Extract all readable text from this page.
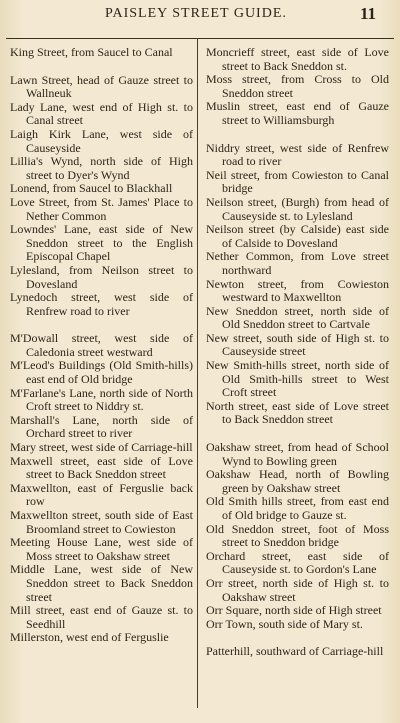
PAISLEY STREET GUIDE.	11

King Street, from Saucel to Canal

Lawn Street, head of Gauze street to Wallneuk

Lady Lane, west end of High st. to Canal street

Laigh Kirk Lane, west side of Causeyside

Lillia's Wynd, north side of High street to Dyer's Wynd

Lonend, from Saucel to Blackhall

Love Street, from St. James' Place to Nether Common

Lowndes' Lane, east side of New Sneddon street to the English Episcopal Chapel

Lylesland, from Neilson street to Dovesland

Lynedoch street, west side of Renfrew road to river

M'Dowall street, west side of Caledonia street westward

M'Leod's Buildings (Old Smith-hills) east end of Old bridge

M'Farlane's Lane, north side of North Croft street to Niddry st.

Marshall's Lane, north side of Orchard street to river

Mary street, west side of Carriage-hill

Maxwell street, east side of Love street to Back Sneddon street

Maxwellton, east of Ferguslie back row

Maxwellton street, south side of East Broomland street to Cowieston

Meeting House Lane, west side of Moss street to Oakshaw street

Middle Lane, west side of New Sneddon street to Back Sneddon street

Mill street, east end of Gauze st. to Seedhill

Millerston, west end of Ferguslie

Moncrieff street, east side of Love street to Back Sneddon st.

Moss street, from Cross to Old Sneddon street

Muslin street, east end of Gauze street to Williamsburgh

Niddry street, west side of Renfrew road to river

Neil street, from Cowieston to Canal bridge

Neilson street, (Burgh) from head of Causeyside st. to Lylesland

Neilson street (by Calside) east side of Calside to Dovesland

Nether Common, from Love street northward

Newton street, from Cowieston westward to Maxwellton

New Sneddon street, north side of Old Sneddon street to Cartvale

New street, south side of High st. to Causeyside street

New Smith-hills street, north side of Old Smith-hills street to West Croft street

North street, east side of Love street to Back Sneddon street

Oakshaw street, from head of School Wynd to Bowling green

Oakshaw Head, north of Bowling green by Oakshaw street

Old Smith hills street, from east end of Old bridge to Gauze st.

Old Sneddon street, foot of Moss street to Sneddon bridge

Orchard street, east side of Causeyside st. to Gordon's Lane

Orr street, north side of High st. to Oakshaw street

Orr Square, north side of High street

Orr Town, south side of Mary st.

Patterhill, southward of Carriage-hill
